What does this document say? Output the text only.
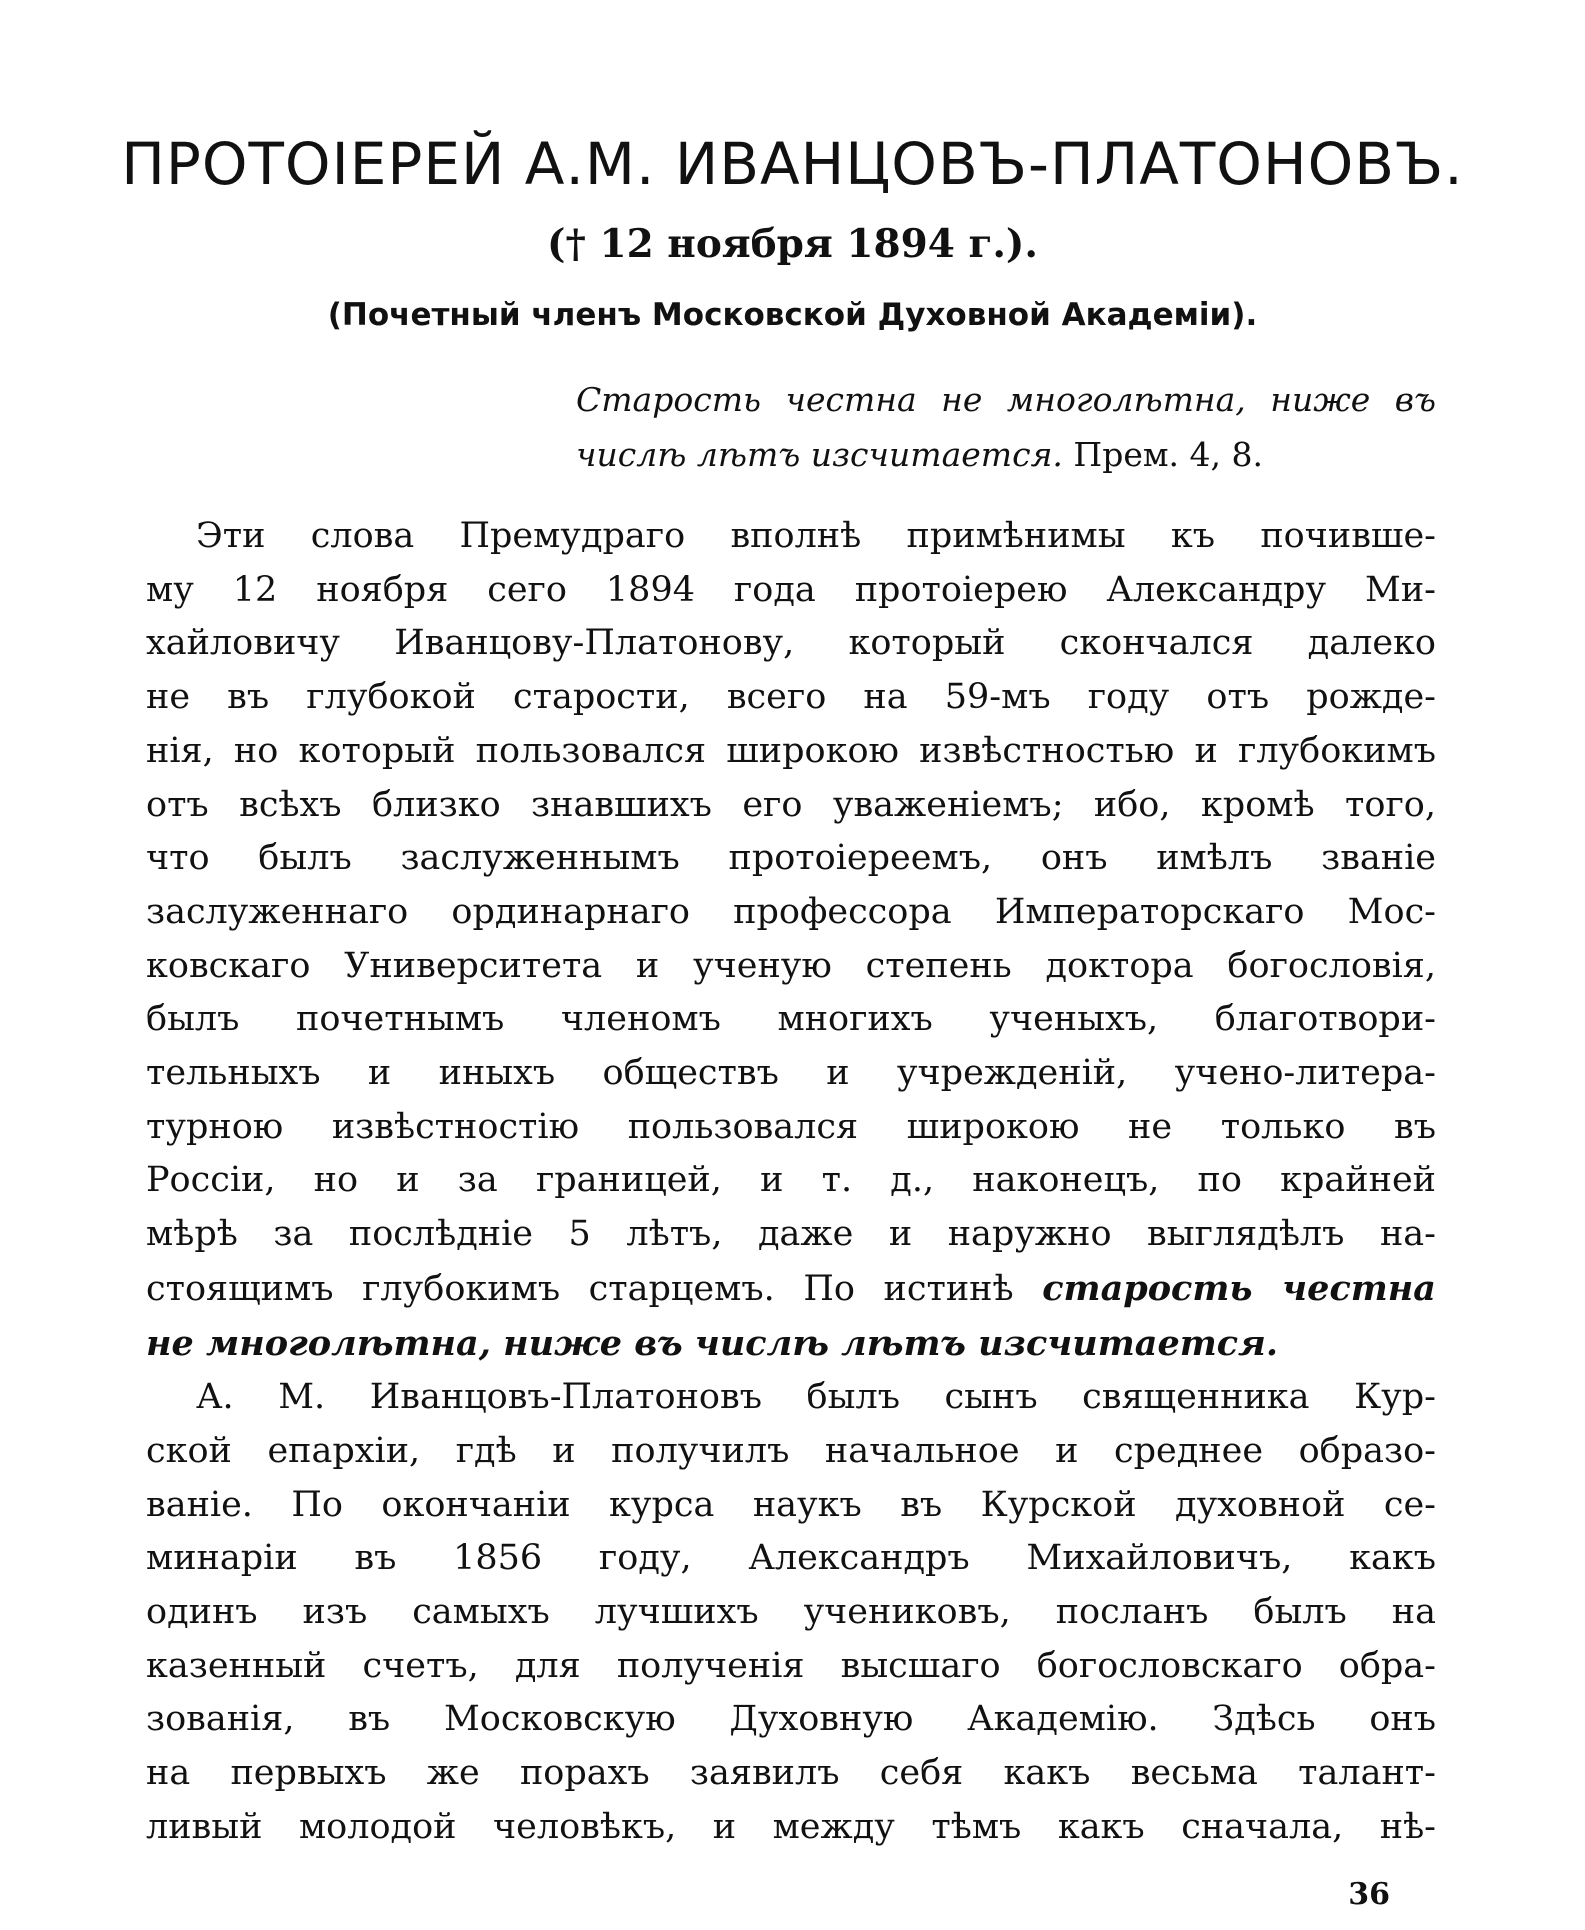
ПРОТОІЕРЕЙ А.М. ИВАНЦОВЪ-ПЛАТОНОВЪ.
(† 12 ноября 1894 г.).
(Почетный членъ Московской Духовной Академіи).
Старость честна не многолѣтна, ниже въ
числѣ лѣтъ изсчитается. Прем. 4, 8.
Эти слова Премудраго вполнѣ примѣнимы къ почивше-
му 12 ноября сего 1894 года протоіерею Александру Ми-
хайловичу Иванцову-Платонову, который скончался далеко
не въ глубокой старости, всего на 59-мъ году отъ рожде-
нія, но который пользовался широкою извѣстностью и глубокимъ
отъ всѣхъ близко знавшихъ его уваженіемъ; ибо, кромѣ того,
что былъ заслуженнымъ протоіереемъ, онъ имѣлъ званіе
заслуженнаго ординарнаго профессора Императорскаго Мос-
ковскаго Университета и ученую степень доктора богословія,
былъ почетнымъ членомъ многихъ ученыхъ, благотвори-
тельныхъ и иныхъ обществъ и учрежденій, учено-литера-
турною извѣстностію пользовался широкою не только въ
Россіи, но и за границей, и т. д., наконецъ, по крайней
мѣрѣ за послѣдніе 5 лѣтъ, даже и наружно выглядѣлъ на-
стоящимъ глубокимъ старцемъ. По истинѣ старость честна
не многолѣтна, ниже въ числѣ лѣтъ изсчитается.
А. М. Иванцовъ-Платоновъ былъ сынъ священника Кур-
ской епархіи, гдѣ и получилъ начальное и среднее образо-
ваніе. По окончаніи курса наукъ въ Курской духовной се-
минаріи въ 1856 году, Александръ Михайловичъ, какъ
одинъ изъ самыхъ лучшихъ учениковъ, посланъ былъ на
казенный счетъ, для полученія высшаго богословскаго обра-
зованія, въ Московскую Духовную Академію. Здѣсь онъ
на первыхъ же порахъ заявилъ себя какъ весьма талант-
ливый молодой человѣкъ, и между тѣмъ какъ сначала, нѣ-
36
